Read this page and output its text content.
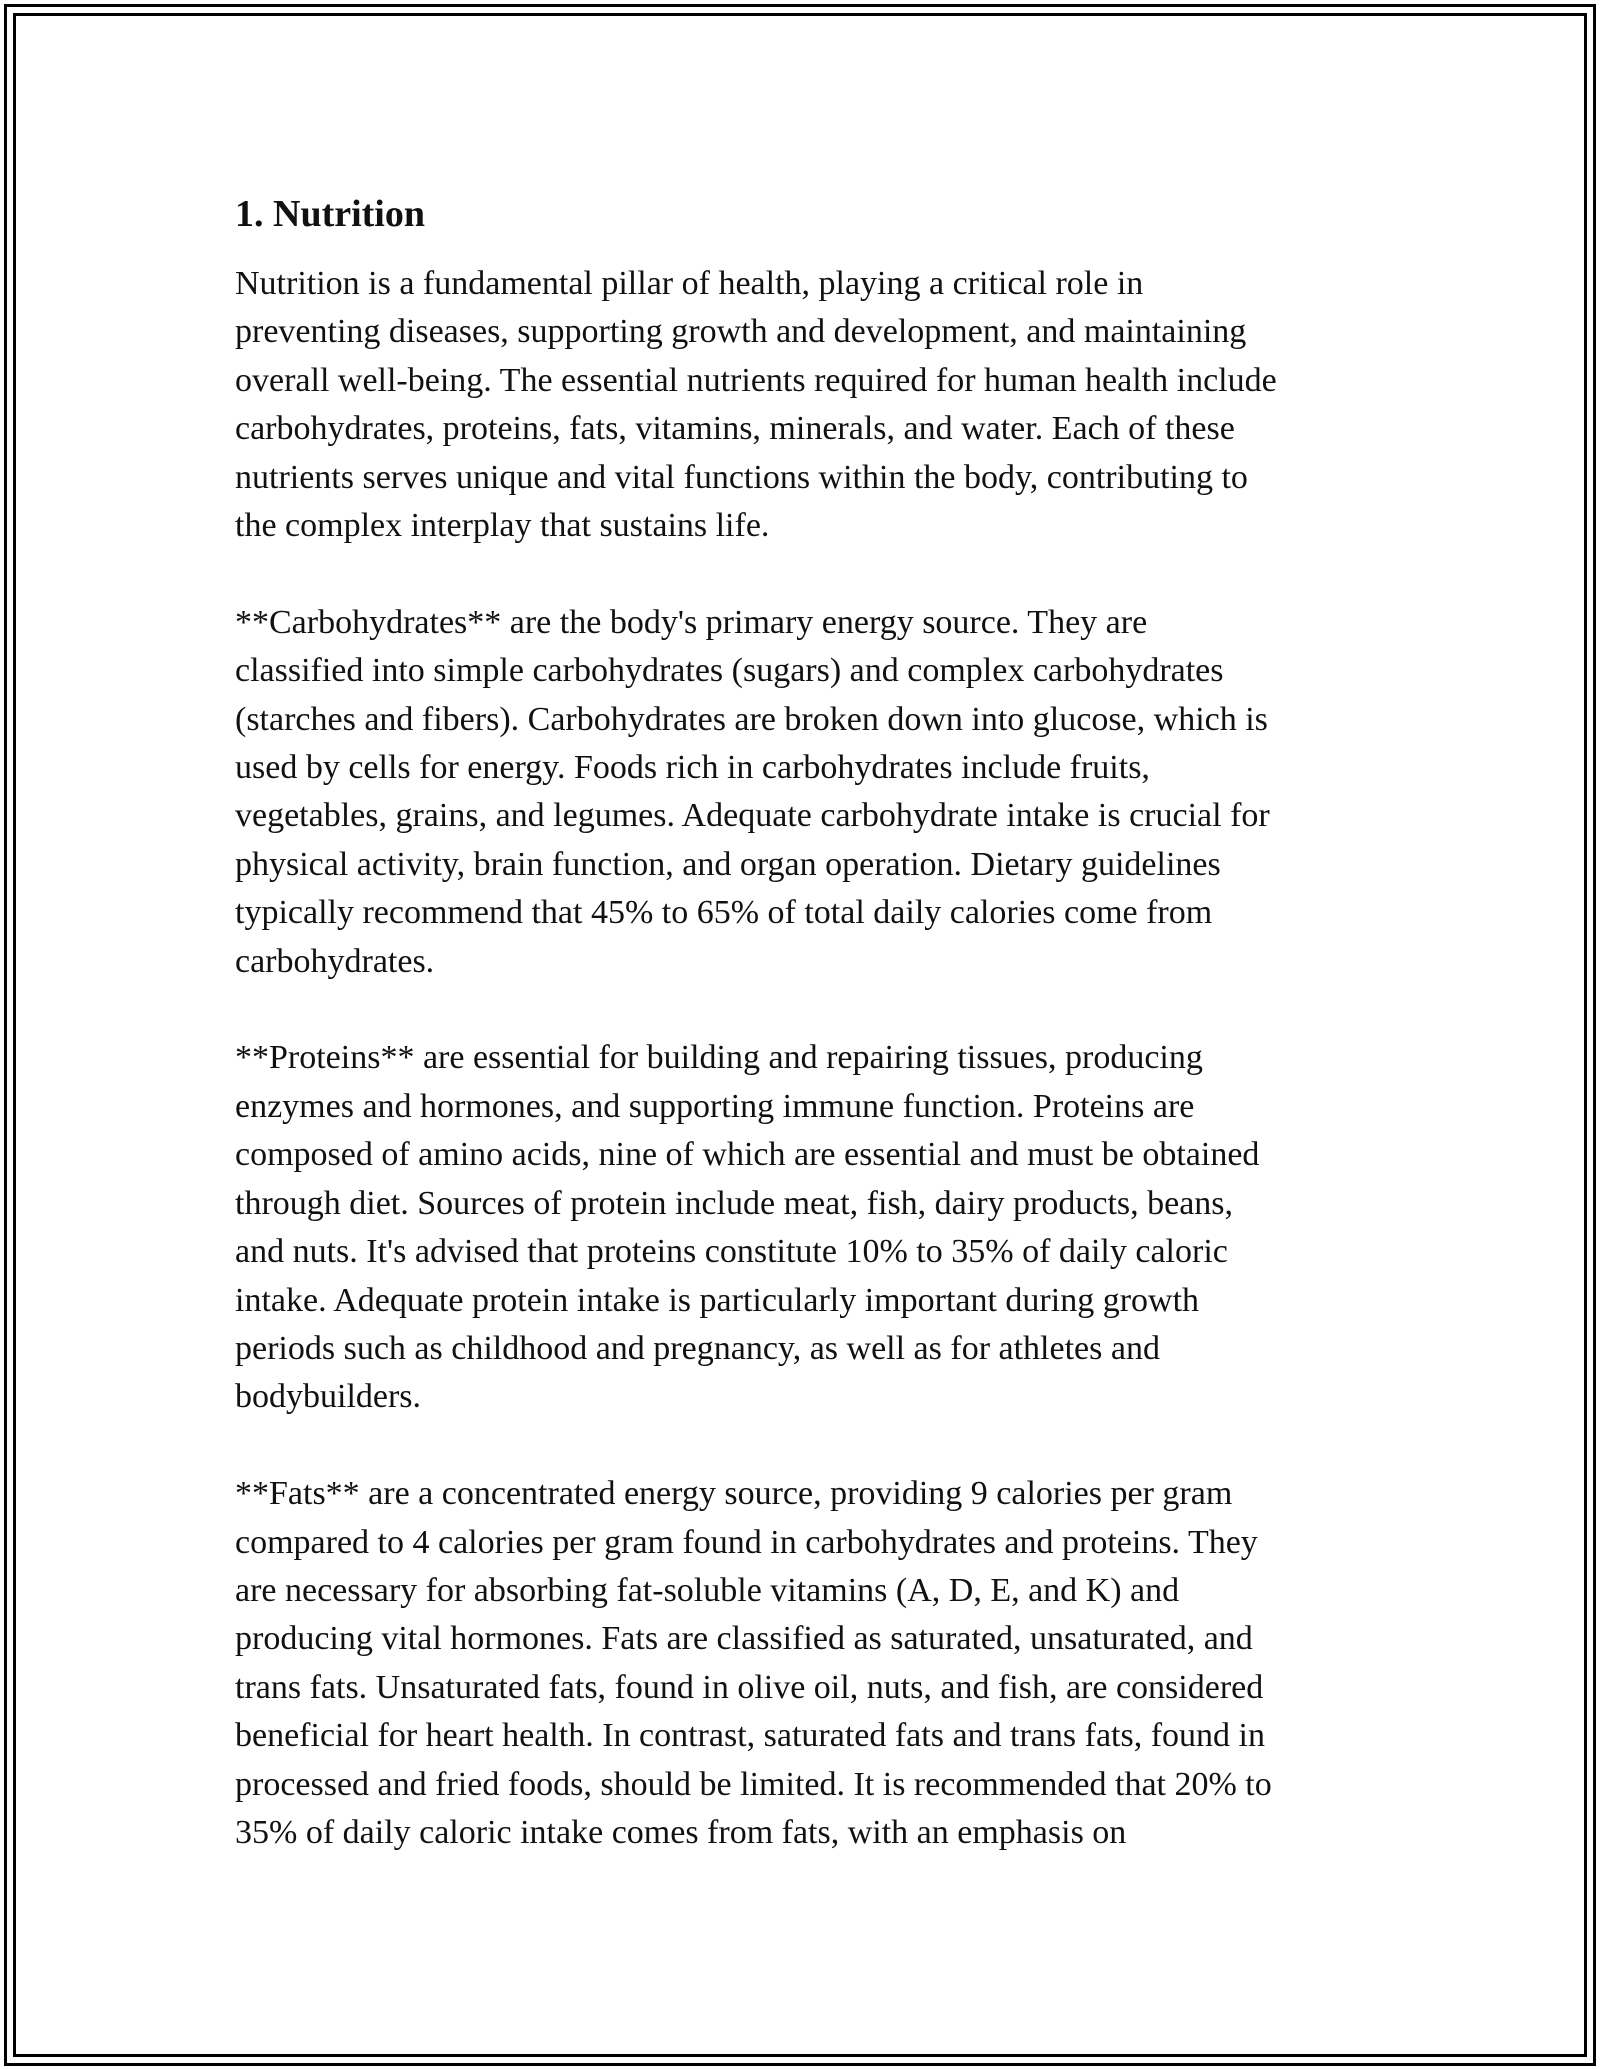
1. Nutrition

Nutrition is a fundamental pillar of health, playing a critical role in
preventing diseases, supporting growth and development, and maintaining
overall well-being. The essential nutrients required for human health include
carbohydrates, proteins, fats, vitamins, minerals, and water. Each of these
nutrients serves unique and vital functions within the body, contributing to
the complex interplay that sustains life.

**Carbohydrates** are the body's primary energy source. They are
classified into simple carbohydrates (sugars) and complex carbohydrates
(starches and fibers). Carbohydrates are broken down into glucose, which is
used by cells for energy. Foods rich in carbohydrates include fruits,
vegetables, grains, and legumes. Adequate carbohydrate intake is crucial for
physical activity, brain function, and organ operation. Dietary guidelines
typically recommend that 45% to 65% of total daily calories come from
carbohydrates.

**Proteins** are essential for building and repairing tissues, producing
enzymes and hormones, and supporting immune function. Proteins are
composed of amino acids, nine of which are essential and must be obtained
through diet. Sources of protein include meat, fish, dairy products, beans,
and nuts. It's advised that proteins constitute 10% to 35% of daily caloric
intake. Adequate protein intake is particularly important during growth
periods such as childhood and pregnancy, as well as for athletes and
bodybuilders.

**Fats** are a concentrated energy source, providing 9 calories per gram
compared to 4 calories per gram found in carbohydrates and proteins. They
are necessary for absorbing fat-soluble vitamins (A, D, E, and K) and
producing vital hormones. Fats are classified as saturated, unsaturated, and
trans fats. Unsaturated fats, found in olive oil, nuts, and fish, are considered
beneficial for heart health. In contrast, saturated fats and trans fats, found in
processed and fried foods, should be limited. It is recommended that 20% to
35% of daily caloric intake comes from fats, with an emphasis on
